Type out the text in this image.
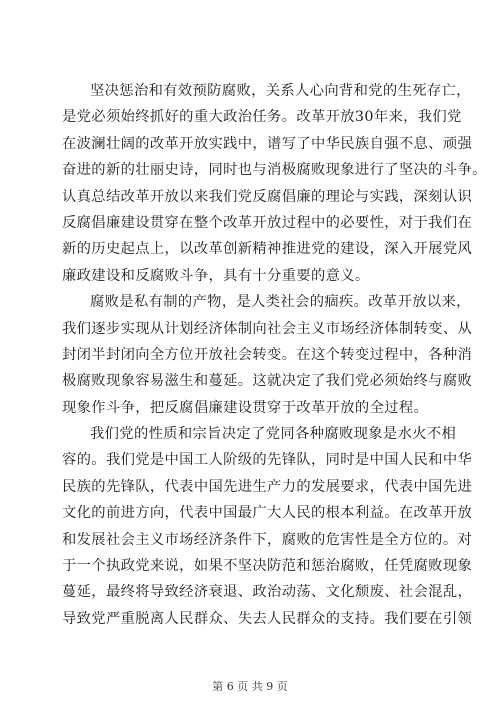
坚决惩治和有效预防腐败，关系人心向背和党的生死存亡，
是党必须始终抓好的重大政治任务。改革开放30年来，我们党
在波澜壮阔的改革开放实践中，谱写了中华民族自强不息、顽强
奋进的新的壮丽史诗，同时也与消极腐败现象进行了坚决的斗争。
认真总结改革开放以来我们党反腐倡廉的理论与实践，深刻认识
反腐倡廉建设贯穿在整个改革开放过程中的必要性，对于我们在
新的历史起点上，以改革创新精神推进党的建设，深入开展党风
廉政建设和反腐败斗争，具有十分重要的意义。
腐败是私有制的产物，是人类社会的痼疾。改革开放以来，
我们逐步实现从计划经济体制向社会主义市场经济体制转变、从
封闭半封闭向全方位开放社会转变。在这个转变过程中，各种消
极腐败现象容易滋生和蔓延。这就决定了我们党必须始终与腐败
现象作斗争，把反腐倡廉建设贯穿于改革开放的全过程。
我们党的性质和宗旨决定了党同各种腐败现象是水火不相
容的。我们党是中国工人阶级的先锋队，同时是中国人民和中华
民族的先锋队，代表中国先进生产力的发展要求，代表中国先进
文化的前进方向，代表中国最广大人民的根本利益。在改革开放
和发展社会主义市场经济条件下，腐败的危害性是全方位的。对
于一个执政党来说，如果不坚决防范和惩治腐败，任凭腐败现象
蔓延，最终将导致经济衰退、政治动荡、文化颓废、社会混乱，
导致党严重脱离人民群众、失去人民群众的支持。我们要在引领
第 6 页 共 9 页
